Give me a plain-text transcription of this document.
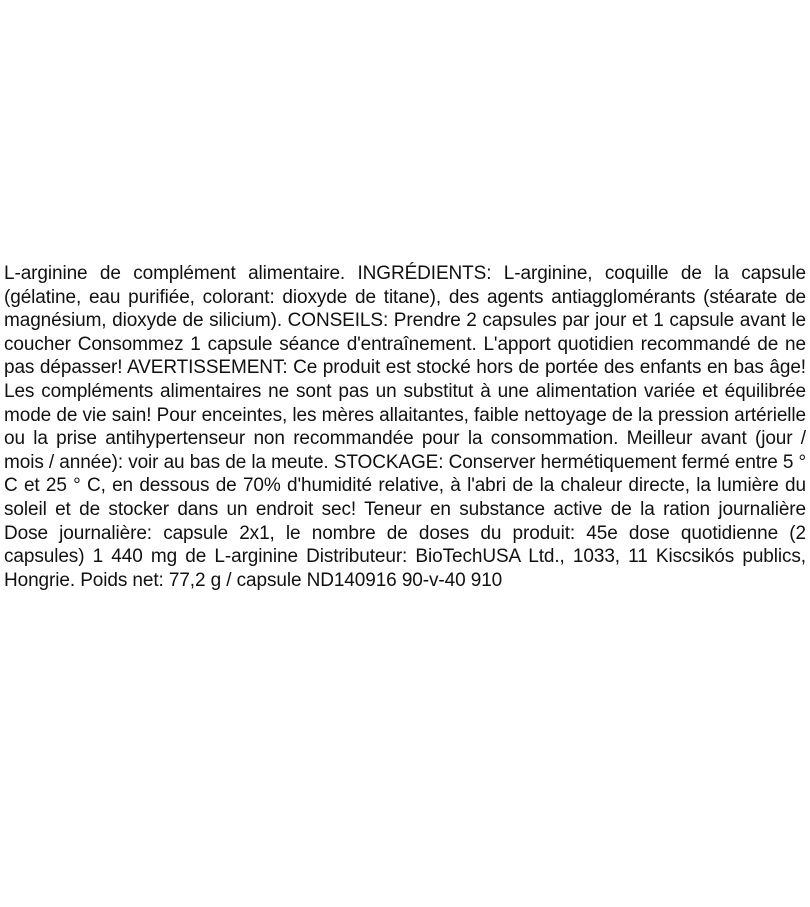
L-arginine de complément alimentaire. INGRÉDIENTS: L-arginine, coquille de la capsule (gélatine, eau purifiée, colorant: dioxyde de titane), des agents antiagglomérants (stéarate de magnésium, dioxyde de silicium). CONSEILS: Prendre 2 capsules par jour et 1 capsule avant le coucher Consommez 1 capsule séance d'entraînement. L'apport quotidien recommandé de ne pas dépasser! AVERTISSEMENT: Ce produit est stocké hors de portée des enfants en bas âge! Les compléments alimentaires ne sont pas un substitut à une alimentation variée et équilibrée mode de vie sain! Pour enceintes, les mères allaitantes, faible nettoyage de la pression artérielle ou la prise antihypertenseur non recommandée pour la consommation. Meilleur avant (jour / mois / année): voir au bas de la meute. STOCKAGE: Conserver hermétiquement fermé entre 5 ° C et 25 ° C, en dessous de 70% d'humidité relative, à l'abri de la chaleur directe, la lumière du soleil et de stocker dans un endroit sec! Teneur en substance active de la ration journalière Dose journalière: capsule 2x1, le nombre de doses du produit: 45e dose quotidienne (2 capsules) 1 440 mg de L-arginine Distributeur: BioTechUSA Ltd., 1033, 11 Kiscsikós publics, Hongrie. Poids net: 77,2 g / capsule ND140916 90-v-40 910
